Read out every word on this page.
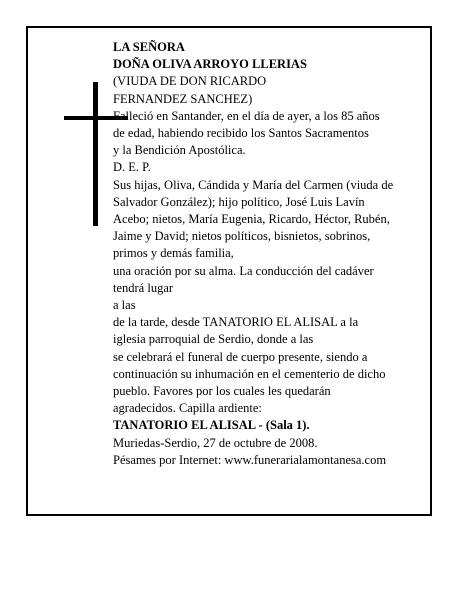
LA SEÑORA
DOÑA OLIVA ARROYO LLERIAS
(VIUDA DE DON RICARDO
FERNANDEZ SANCHEZ)
Falleció en Santander, en el día de ayer, a los 85 años
de edad, habiendo recibido los Santos Sacramentos
y la Bendición Apostólica.
D. E. P.
Sus hijas, Oliva, Cándida y María del Carmen (viuda de
Salvador González); hijo político, José Luis Lavín
Acebo; nietos, María Eugenia, Ricardo, Héctor, Rubén,
Jaime y David; nietos políticos, bisnietos, sobrinos,
primos y demás familia,
una oración por su alma. La conducción del cadáver
tendrá lugar
a las
de la tarde, desde TANATORIO EL ALISAL a la
iglesia parroquial de Serdio, donde a las
se celebrará el funeral de cuerpo presente, siendo a
continuación su inhumación en el cementerio de dicho
pueblo. Favores por los cuales les quedarán
agradecidos. Capilla ardiente:
TANATORIO EL ALISAL - (Sala 1).
Muriedas-Serdio, 27 de octubre de 2008.
Pésames por Internet: www.funerarialamontanesa.com
